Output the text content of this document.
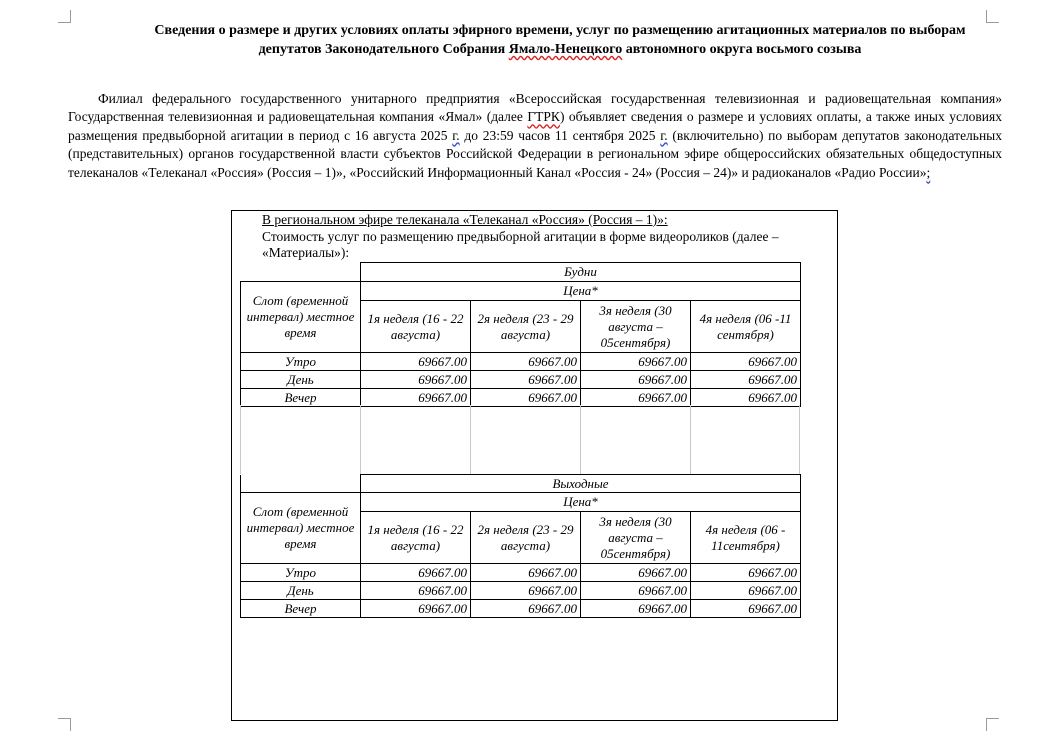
Сведения о размере и других условиях оплаты эфирного времени, услуг по размещению агитационных материалов по выборам
депутатов Законодательного Собрания Ямало-Ненецкого автономного округа восьмого созыва

Филиал федерального государственного унитарного предприятия «Всероссийская государственная телевизионная и радиовещательная компания» Государственная телевизионная и радиовещательная компания «Ямал» (далее ГТРК) объявляет сведения о размере и условиях оплаты, а также иных условиях размещения предвыборной агитации в период с 16 августа 2025 г. до 23:59 часов 11 сентября 2025 г. (включительно) по выборам депутатов законодательных (представительных) органов государственной власти субъектов Российской Федерации в региональном эфире общероссийских обязательных общедоступных телеканалов «Телеканал «Россия» (Россия – 1)», «Российский Информационный Канал «Россия - 24» (Россия – 24)» и радиоканалов «Радио России»;

В региональном эфире телеканала «Телеканал «Россия» (Россия – 1)»:
Стоимость услуг по размещению предвыборной агитации в форме видеороликов (далее – «Материалы»):
	Будни			
Слот (временной интервал) местное время	Цена*			
	1я неделя (16 - 22 августа)	2я неделя (23 - 29 августа)	3я неделя (30 августа – 05сентября)	4я неделя (06 -11 сентября)
Утро	69667.00	69667.00	69667.00	69667.00
День	69667.00	69667.00	69667.00	69667.00
Вечер	69667.00	69667.00	69667.00	69667.00
	Выходные			
Слот (временной интервал) местное время	Цена*			
	1я неделя (16 - 22 августа)	2я неделя (23 - 29 августа)	3я неделя (30 августа – 05сентября)	4я неделя (06 - 11сентября)
Утро	69667.00	69667.00	69667.00	69667.00
День	69667.00	69667.00	69667.00	69667.00
Вечер	69667.00	69667.00	69667.00	69667.00
